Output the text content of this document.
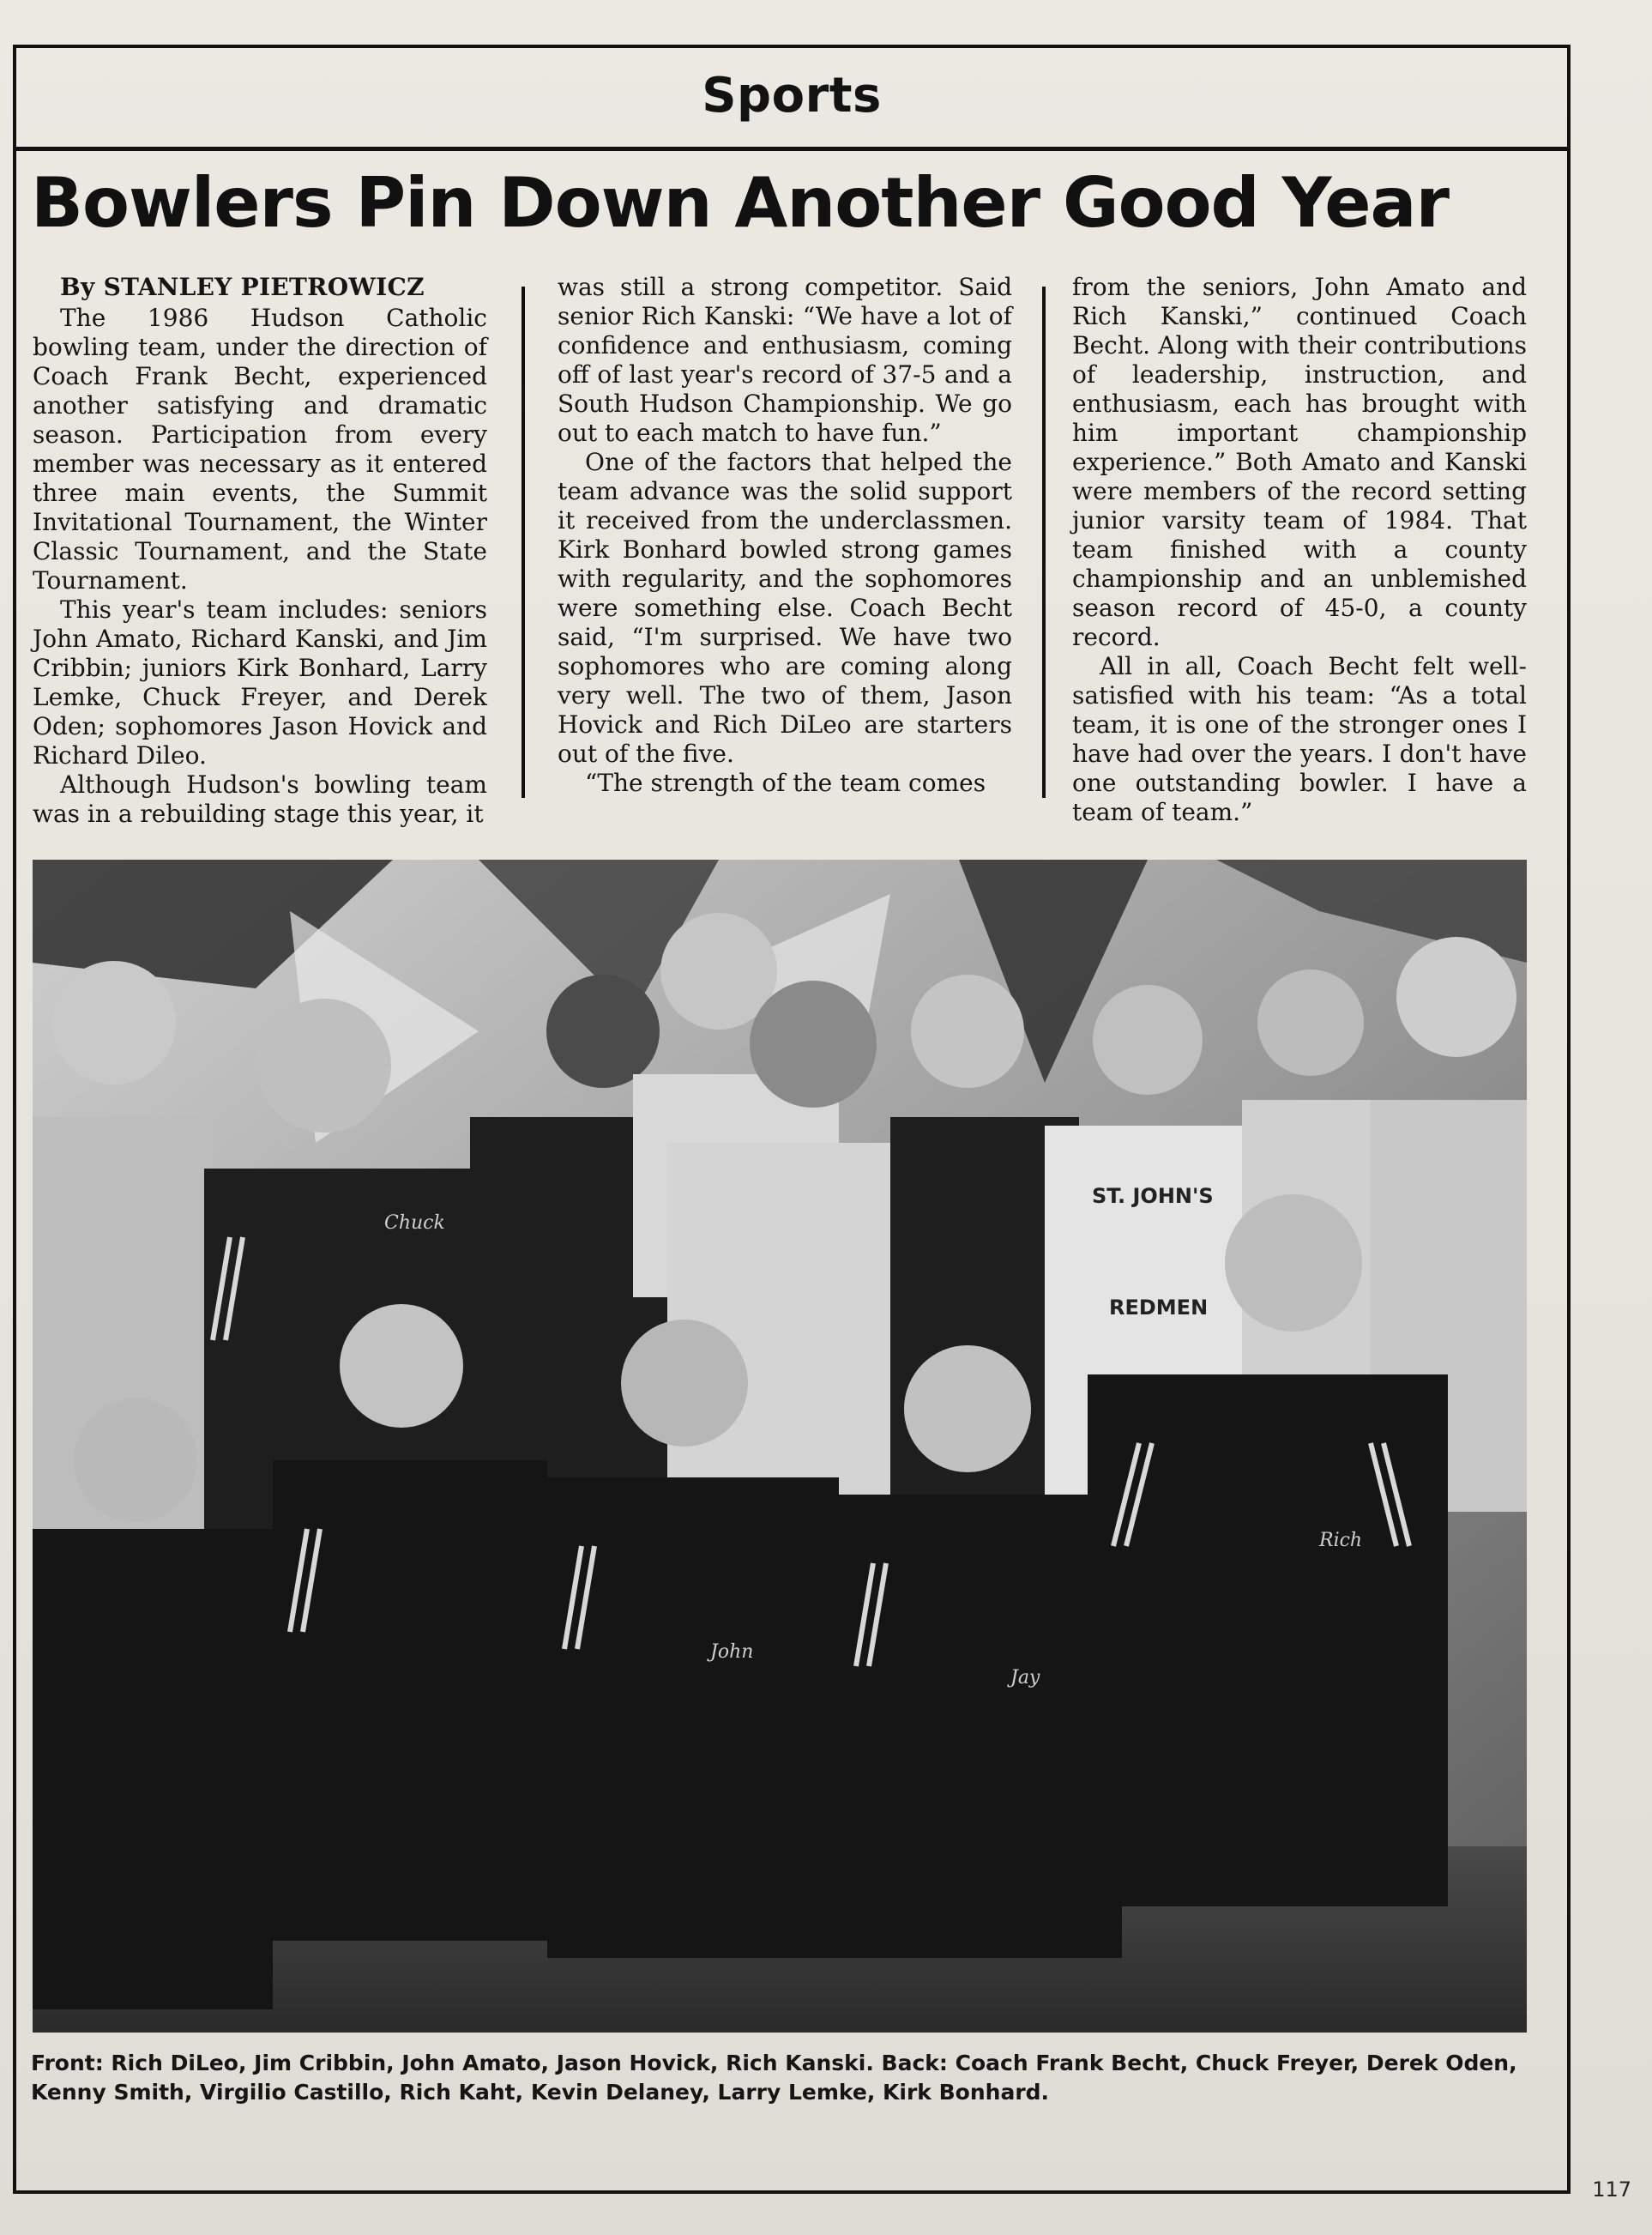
Sports
Bowlers Pin Down Another Good Year
By STANLEY PIETROWICZ

The 1986 Hudson Catholic bowling team, under the direction of Coach Frank Becht, experienced another satisfying and dramatic season. Participation from every member was necessary as it entered three main events, the Summit Invitational Tournament, the Winter Classic Tournament, and the State Tournament.

This year's team includes: seniors John Amato, Richard Kanski, and Jim Cribbin; juniors Kirk Bonhard, Larry Lemke, Chuck Freyer, and Derek Oden; sophomores Jason Hovick and Richard Dileo.

Although Hudson's bowling team was in a rebuilding stage this year, it

was still a strong competitor. Said senior Rich Kanski: “We have a lot of confidence and enthusiasm, coming off of last year's record of 37-5 and a South Hudson Championship. We go out to each match to have fun.”

One of the factors that helped the team advance was the solid support it received from the underclassmen. Kirk Bonhard bowled strong games with regularity, and the sophomores were something else. Coach Becht said, “I'm surprised. We have two sophomores who are coming along very well. The two of them, Jason Hovick and Rich DiLeo are starters out of the five.

“The strength of the team comes

from the seniors, John Amato and Rich Kanski,” continued Coach Becht. Along with their contributions of leadership, instruction, and enthusiasm, each has brought with him important championship experience.” Both Amato and Kanski were members of the record setting junior varsity team of 1984. That team finished with a county championship and an unblemished season record of 45-0, a county record.

All in all, Coach Becht felt well-satisfied with his team: “As a total team, it is one of the stronger ones I have had over the years. I don't have one outstanding bowler. I have a team of team.”

Chuck
John
Jay
Rich
ST. JOHN'S
REDMEN
Front: Rich DiLeo, Jim Cribbin, John Amato, Jason Hovick, Rich Kanski. Back: Coach Frank Becht, Chuck Freyer, Derek Oden, Kenny Smith, Virgilio Castillo, Rich Kaht, Kevin Delaney, Larry Lemke, Kirk Bonhard.
117
